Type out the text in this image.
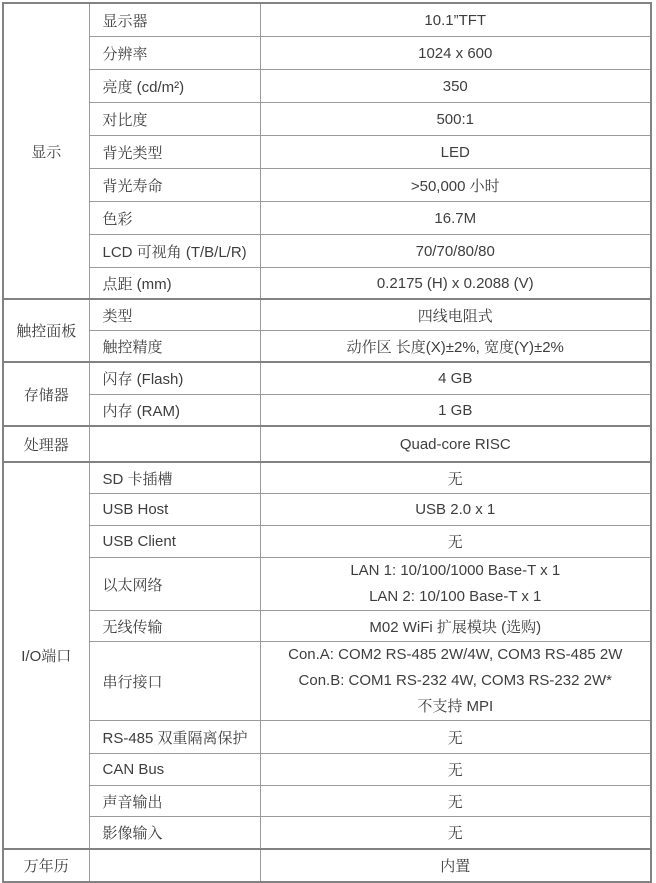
显示	显示器	10.1”TFT
	分辨率	1024 x 600
	亮度 (cd/m²)	350
	对比度	500:1
	背光类型	LED
	背光寿命	>50,000 小时
	色彩	16.7M
	LCD 可视角 (T/B/L/R)	70/70/80/80
	点距 (mm)	0.2175 (H) x 0.2088 (V)
触控面板	类型	四线电阻式
	触控精度	动作区 长度(X)±2%, 宽度(Y)±2%
存储器	闪存 (Flash)	4 GB
	内存 (RAM)	1 GB
处理器		Quad-core RISC
I/O端口	SD 卡插槽	无
	USB Host	USB 2.0 x 1
	USB Client	无
	以太网络	LAN 1: 10/100/1000 Base-T x 1
LAN 2: 10/100 Base-T x 1

	无线传输	M02 WiFi 扩展模块 (选购)
	串行接口	Con.A: COM2 RS-485 2W/4W, COM3 RS-485 2W
Con.B: COM1 RS-232 4W, COM3 RS-232 2W*
不支持 MPI

	RS-485 双重隔离保护	无
	CAN Bus	无
	声音输出	无
	影像输入	无
万年历		内置
